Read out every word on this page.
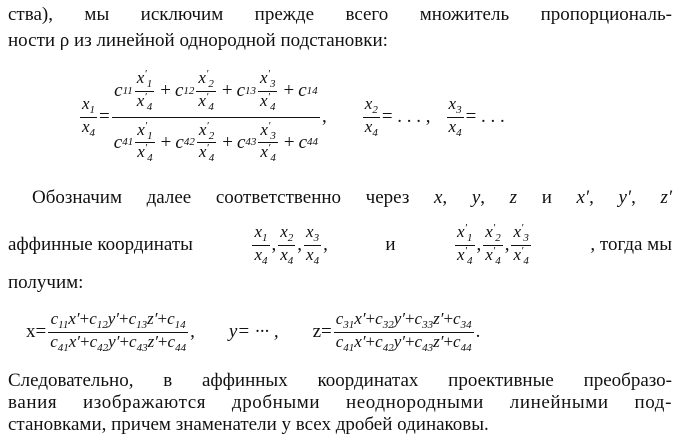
ства), мы исключим прежде всего множитель пропорциональ-
ности ρ из линейной однородной подстановки:
$\frac{x_1}{x_4}$ =
c $11 \frac{x'_1}{x'_4} + c$ $12 \frac{x'_2}{x'_4} + c$ $13 \frac{x'_3}{x'_4} + c$ 14
c $41 \frac{x'_1}{x'_4} + c$ $42 \frac{x'_2}{x'_4} + c$ $43 \frac{x'_3}{x'_4} + c$ 44
, $\frac{x_2}{x_4}$ = . . . , $\frac{x_3}{x_4}$ = . . .
Обозначим далее соответственно через x, y, z и x′, y′, z′
аффинные координаты	$\frac{x_1}{x_4}$ , $\frac{x_2}{x_4}$ , $\frac{x_3}{x_4}$ ,	и	$\frac{x'_1}{x'_4}$ , $\frac{x'_2}{x'_4}$ , $\frac{x'_3}{x'_4}$	, тогда мы
получим:
$x= \frac{c_{11}x'+c_{12}y'+c_{13}z'+c_{14}}{c_{41}x'+c_{42}y'+c_{43}z'+c_{44}}$ , y= ··· , $z= \frac{c_{31}x'+c_{32}y'+c_{33}z'+c_{34}}{c_{41}x'+c_{42}y'+c_{43}z'+c_{44}}$ .
Следовательно, в аффинных координатах проективные преобразо-
вания изображаются дробными неоднородными линейными под-
становками, причем знаменатели у всех дробей одинаковы.
